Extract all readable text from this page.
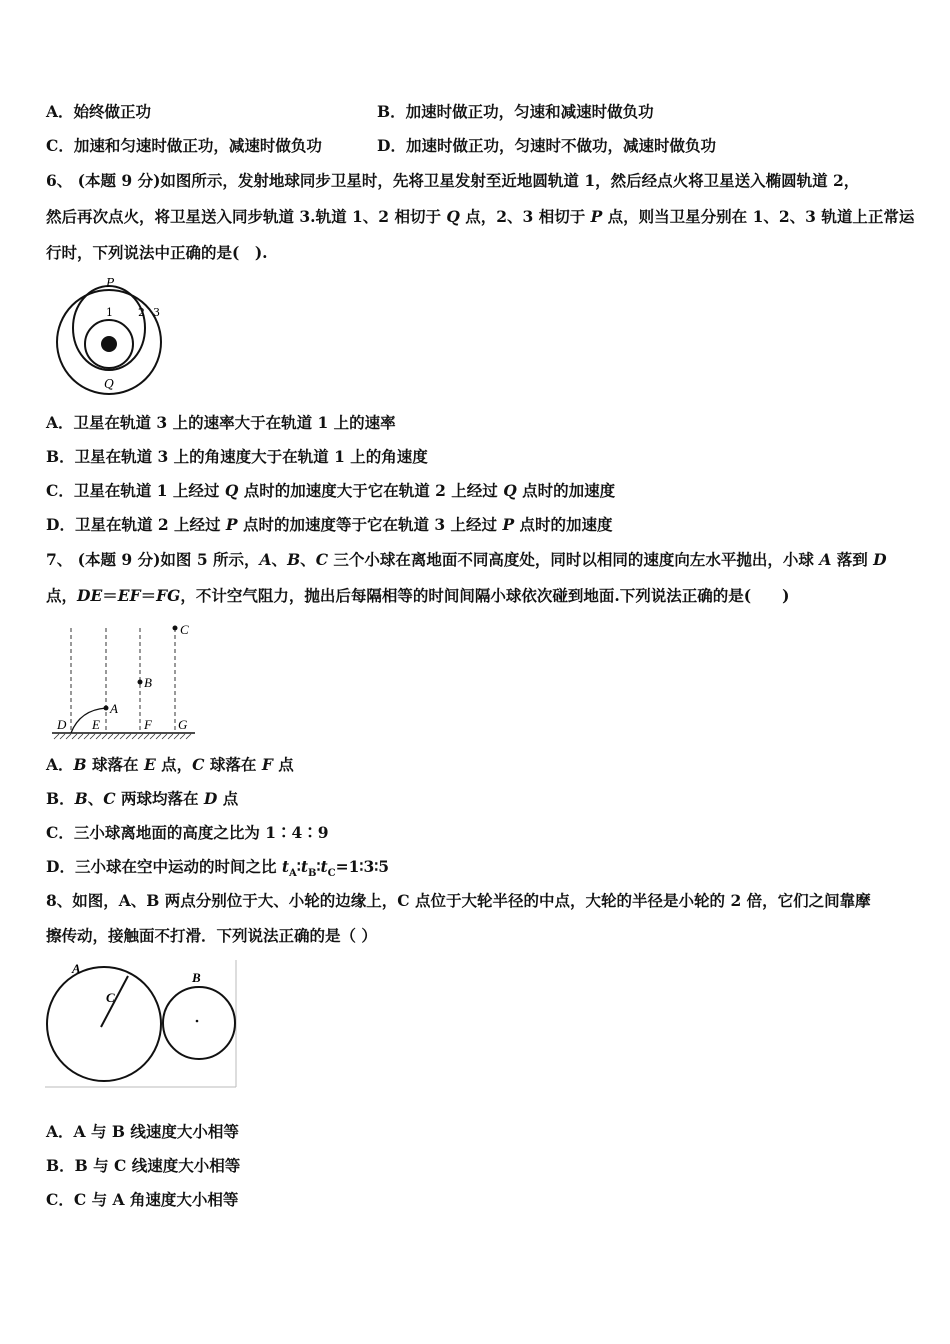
A．始终做正功	B．加速时做正功，匀速和减速时做负功
C．加速和匀速时做正功，减速时做负功	D．加速时做正功，匀速时不做功，减速时做负功
6、 (本题 9 分)如图所示，发射地球同步卫星时，先将卫星发射至近地圆轨道 1，然后经点火将卫星送入椭圆轨道 2，
然后再次点火，将卫星送入同步轨道 3.轨道 1、2 相切于 Q 点，2、3 相切于 P 点，则当卫星分别在 1、2、3 轨道上正常运
行时，下列说法中正确的是(　).
P
Q
1 2 3
A．卫星在轨道 3 上的速率大于在轨道 1 上的速率
B．卫星在轨道 3 上的角速度大于在轨道 1 上的角速度
C．卫星在轨道 1 上经过 Q 点时的加速度大于它在轨道 2 上经过 Q 点时的加速度
D．卫星在轨道 2 上经过 P 点时的加速度等于它在轨道 3 上经过 P 点时的加速度
7、 (本题 9 分)如图 5 所示，A、B、C 三个小球在离地面不同高度处，同时以相同的速度向左水平抛出，小球 A 落到 D
点，DE＝EF＝FG，不计空气阻力，抛出后每隔相等的时间间隔小球依次碰到地面.下列说法正确的是(　　)
A
B
C
D E	F G
A．B 球落在 E 点，C 球落在 F 点
B．B、C 两球均落在 D 点
C．三小球离地面的高度之比为 1∶4∶9
D．三小球在空中运动的时间之比 $t_A∶t_B∶t_C=1∶3∶5$
8、如图，A、B 两点分别位于大、小轮的边缘上，C 点位于大轮半径的中点，大轮的半径是小轮的 2 倍，它们之间靠摩
擦传动，接触面不打滑．下列说法正确的是（ ）
A
B
C
A．A 与 B 线速度大小相等
B．B 与 C 线速度大小相等
C．C 与 A 角速度大小相等
